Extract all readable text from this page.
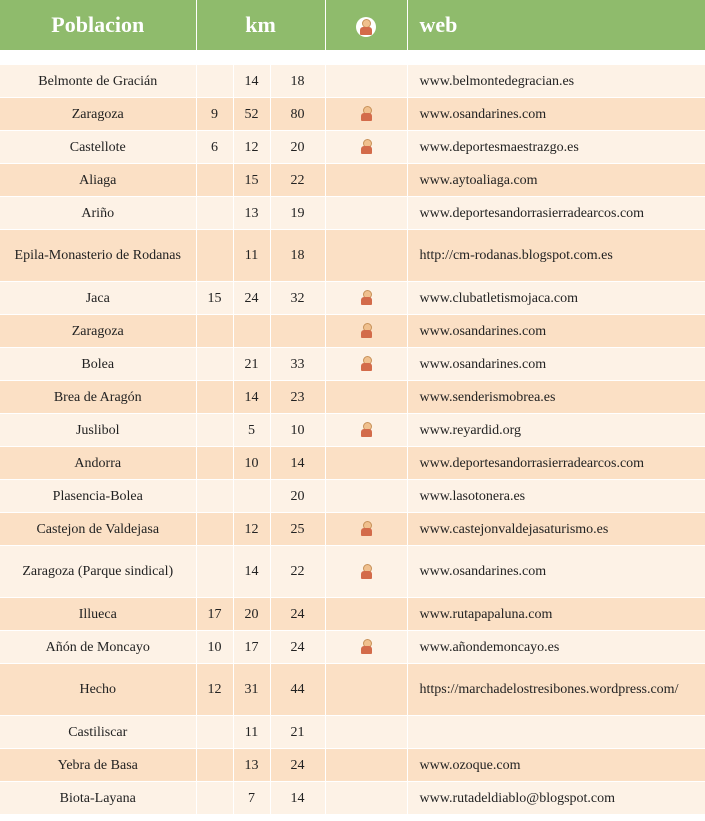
Poblacion	km				web

Belmonte de Gracián		14	18		www.belmontedegracian.es
Zaragoza	9	52	80		www.osandarines.com
Castellote	6	12	20		www.deportesmaestrazgo.es
Aliaga		15	22		www.aytoaliaga.com
Ariño		13	19		www.deportesandorrasierradearcos.com
Epila-Monasterio de Rodanas		11	18		http://cm-rodanas.blogspot.com.es
Jaca	15	24	32		www.clubatletismojaca.com
Zaragoza					www.osandarines.com
Bolea		21	33		www.osandarines.com
Brea de Aragón		14	23		www.senderismobrea.es
Juslibol		5	10		www.reyardid.org
Andorra		10	14		www.deportesandorrasierradearcos.com
Plasencia-Bolea			20		www.lasotonera.es
Castejon de Valdejasa		12	25		www.castejonvaldejasaturismo.es
Zaragoza (Parque sindical)		14	22		www.osandarines.com
Illueca	17	20	24		www.rutapapaluna.com
Añón de Moncayo	10	17	24		www.añondemoncayo.es
Hecho	12	31	44		https://marchadelostresibones.wordpress.com/
Castiliscar		11	21		
Yebra de Basa		13	24		www.ozoque.com
Biota-Layana		7	14		www.rutadeldiablo@blogspot.com
